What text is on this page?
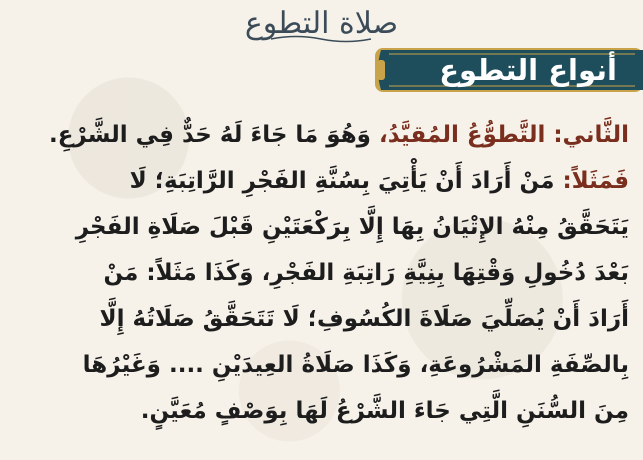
صلاة التطوع
أنواع التطوع
الثَّاني: التَّطوُّعُ المُقيَّدُ، وَهُوَ مَا جَاءَ لَهُ حَدٌّ فِي الشَّرْعِ.
فَمَثَلاً: مَنْ أَرَادَ أَنْ يَأْتِيَ بِسُنَّةِ الفَجْرِ الرَّاتِبَةِ؛ لَا
يَتَحَقَّقُ مِنْهُ الإِتْيَانُ بِهَا إِلَّا بِرَكْعَتَيْنِ قَبْلَ صَلَاةِ الفَجْرِ
بَعْدَ دُخُولِ وَقْتِهَا بِنِيَّةِ رَاتِبَةِ الفَجْرِ، وَكَذَا مَثَلاً: مَنْ
أَرَادَ أَنْ يُصَلِّيَ صَلَاةَ الكُسُوفِ؛ لَا تَتَحَقَّقُ صَلَاتُهُ إِلَّا
بِالصِّفَةِ المَشْرُوعَةِ، وَكَذَا صَلَاةُ العِيدَيْنِ .... وَغَيْرُهَا
مِنَ السُّنَنِ الَّتِي جَاءَ الشَّرْعُ لَهَا بِوَصْفٍ مُعَيَّنٍ.
